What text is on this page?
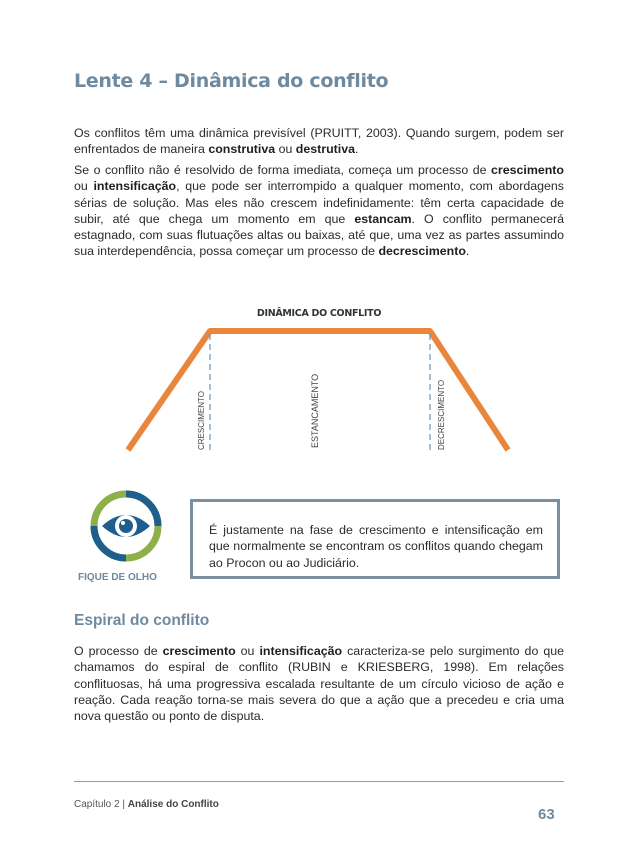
Lente 4 – Dinâmica do conflito

Os conflitos têm uma dinâmica previsível (PRUITT, 2003). Quando surgem, podem ser enfrentados de maneira construtiva ou destrutiva.

Se o conflito não é resolvido de forma imediata, começa um processo de crescimento ou intensificação, que pode ser interrompido a qualquer momento, com abordagens sérias de solução. Mas eles não crescem indefinidamente: têm certa capacidade de subir, até que chega um momento em que estancam. O conflito permanecerá estagnado, com suas flutuações altas ou baixas, até que, uma vez as partes assumindo sua interdependência, possa começar um processo de decrescimento.

DINÂMICA DO CONFLITO
CRESCIMENTO	ESTANCAMENTO	DECRESCIMENTO
FIQUE DE OLHO

É justamente na fase de crescimento e intensificação em que normalmente se encontram os conflitos quando chegam ao Procon ou ao Judiciário.

Espiral do conflito

O processo de crescimento ou intensificação caracteriza-se pelo surgimento do que chamamos do espiral de conflito (RUBIN e KRIESBERG, 1998). Em relações conflituosas, há uma progressiva escalada resultante de um círculo vicioso de ação e reação. Cada reação torna-se mais severa do que a ação que a precedeu e cria uma nova questão ou ponto de disputa.

Capítulo 2 | Análise do Conflito
63
